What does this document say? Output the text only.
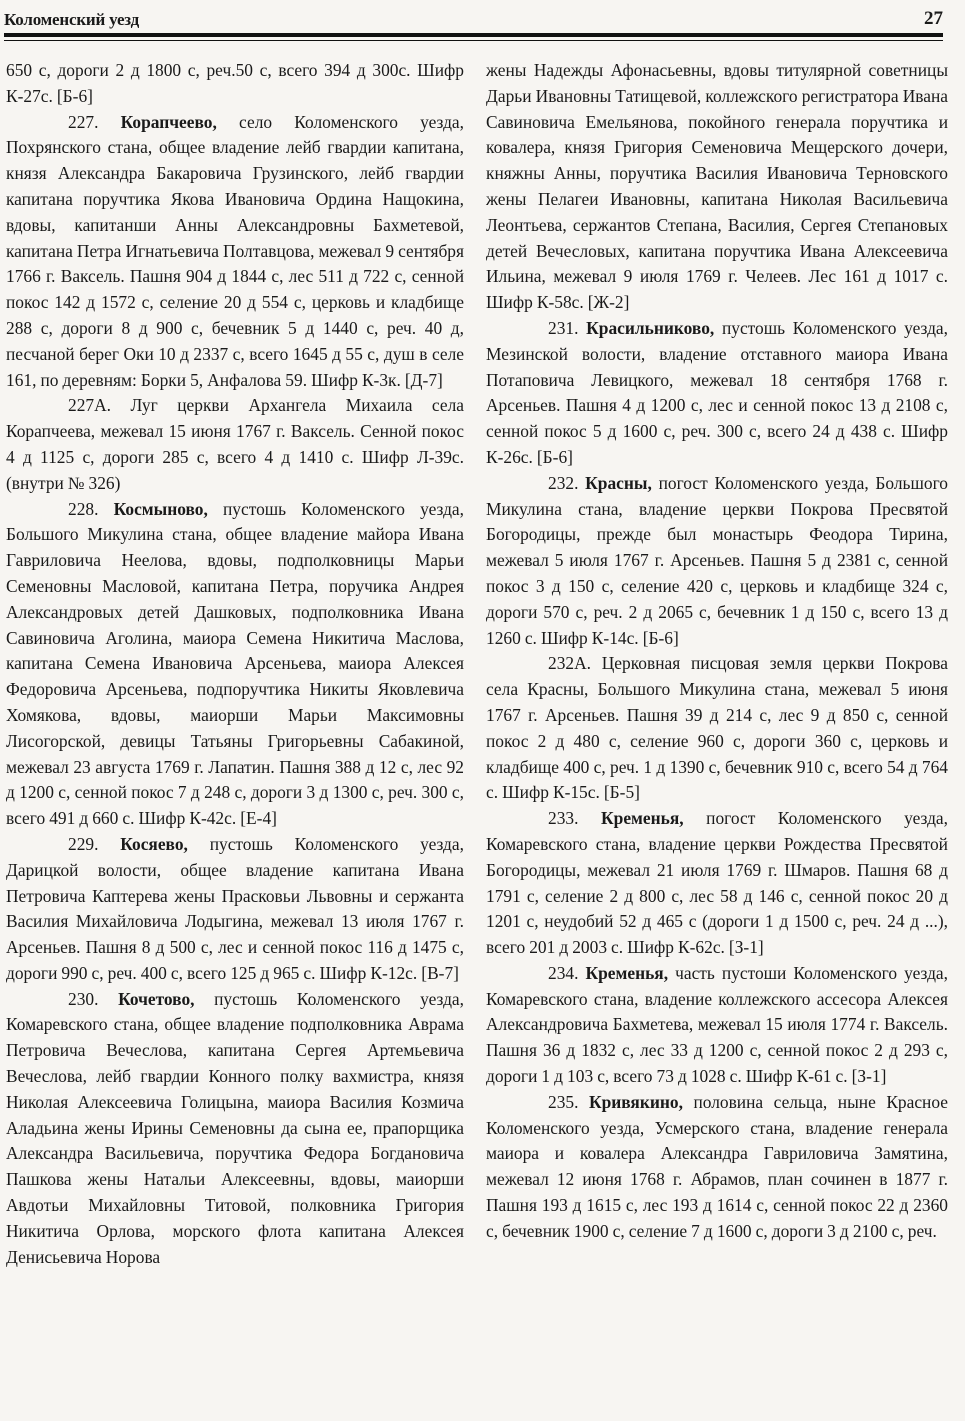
Коломенский уезд	27

650 с, дороги 2 д 1800 с, реч.50 с, всего 394 д 300с. Шифр К-27с. [Б-6]

227. Корапчеево, село Коломенского уезда, Похрянского стана, общее владение лейб гвардии капитана, князя Александра Бакаровича Грузинского, лейб гвардии капитана поручтика Якова Ивановича Ордина Нащокина, вдовы, капитанши Анны Александровны Бахметевой, капитана Петра Игнатьевича Полтавцова, межевал 9 сентября 1766 г. Ваксель. Пашня 904 д 1844 с, лес 511 д 722 с, сенной покос 142 д 1572 с, селение 20 д 554 с, церковь и кладбище 288 с, дороги 8 д 900 с, бечевник 5 д 1440 с, реч. 40 д, песчаной берег Оки 10 д 2337 с, всего 1645 д 55 с, душ в селе 161, по деревням: Борки 5, Анфалова 59. Шифр К-3к. [Д-7]

227А. Луг церкви Архангела Михаила села Корапчеева, межевал 15 июня 1767 г. Ваксель. Сенной покос 4 д 1125 с, дороги 285 с, всего 4 д 1410 с. Шифр Л-39с. (внутри № 326)

228. Космыново, пустошь Коломенского уезда, Большого Микулина стана, общее владение майора Ивана Гавриловича Неелова, вдовы, подполковницы Марьи Семеновны Масловой, капитана Петра, поручика Андрея Александровых детей Дашковых, подполковника Ивана Савиновича Аголина, маиора Семена Никитича Маслова, капитана Семена Ивановича Арсеньева, маиора Алексея Федоровича Арсеньева, подпоручтика Никиты Яковлевича Хомякова, вдовы, маиорши Марьи Максимовны Лисогорской, девицы Татьяны Григорьевны Сабакиной, межевал 23 августа 1769 г. Лапатин. Пашня 388 д 12 с, лес 92 д 1200 с, сенной покос 7 д 248 с, дороги 3 д 1300 с, реч. 300 с, всего 491 д 660 с. Шифр К-42с. [Е-4]

229. Косяево, пустошь Коломенского уезда, Дарицкой волости, общее владение капитана Ивана Петровича Каптерева жены Прасковьи Львовны и сержанта Василия Михайловича Лодыгина, межевал 13 июля 1767 г. Арсеньев. Пашня 8 д 500 с, лес и сенной покос 116 д 1475 с, дороги 990 с, реч. 400 с, всего 125 д 965 с. Шифр К-12с. [В-7]

230. Кочетово, пустошь Коломенского уезда, Комаревского стана, общее владение подполковника Аврама Петровича Вечеслова, капитана Сергея Артемьевича Вечеслова, лейб гвардии Конного полку вахмистра, князя Николая Алексеевича Голицына, маиора Василия Козмича Аладьина жены Ирины Семеновны да сына ее, прапорщика Александра Васильевича, поручтика Федора Богдановича Пашкова жены Натальи Алексеевны, вдовы, маиорши Авдотьи Михайловны Титовой, полковника Григория Никитича Орлова, морского флота капитана Алексея Денисьевича Норова

жены Надежды Афонасьевны, вдовы титулярной советницы Дарьи Ивановны Татищевой, коллежского регистратора Ивана Савиновича Емельянова, покойного генерала поручтика и ковалера, князя Григория Семеновича Мещерского дочери, княжны Анны, поручтика Василия Ивановича Терновского жены Пелагеи Ивановны, капитана Николая Васильевича Леонтьева, сержантов Степана, Василия, Сергея Степановых детей Вечесловых, капитана поручтика Ивана Алексеевича Ильина, межевал 9 июля 1769 г. Челеев. Лес 161 д 1017 с. Шифр К-58с. [Ж-2]

231. Красильниково, пустошь Коломенского уезда, Мезинской волости, владение отставного маиора Ивана Потаповича Левицкого, межевал 18 сентября 1768 г. Арсеньев. Пашня 4 д 1200 с, лес и сенной покос 13 д 2108 с, сенной покос 5 д 1600 с, реч. 300 с, всего 24 д 438 с. Шифр К-26с. [Б-6]

232. Красны, погост Коломенского уезда, Большого Микулина стана, владение церкви Покрова Пресвятой Богородицы, прежде был монастырь Феодора Тирина, межевал 5 июля 1767 г. Арсеньев. Пашня 5 д 2381 с, сенной покос 3 д 150 с, селение 420 с, церковь и кладбище 324 с, дороги 570 с, реч. 2 д 2065 с, бечевник 1 д 150 с, всего 13 д 1260 с. Шифр К-14с. [Б-6]

232А. Церковная писцовая земля церкви Покрова села Красны, Большого Микулина стана, межевал 5 июня 1767 г. Арсеньев. Пашня 39 д 214 с, лес 9 д 850 с, сенной покос 2 д 480 с, селение 960 с, дороги 360 с, церковь и кладбище 400 с, реч. 1 д 1390 с, бечевник 910 с, всего 54 д 764 с. Шифр К-15с. [Б-5]

233. Кременья, погост Коломенского уезда, Комаревского стана, владение церкви Рождества Пресвятой Богородицы, межевал 21 июля 1769 г. Шмаров. Пашня 68 д 1791 с, селение 2 д 800 с, лес 58 д 146 с, сенной покос 20 д 1201 с, неудобий 52 д 465 с (дороги 1 д 1500 с, реч. 24 д ...), всего 201 д 2003 с. Шифр К-62с. [З-1]

234. Кременья, часть пустоши Коломенского уезда, Комаревского стана, владение коллежского ассесора Алексея Александровича Бахметева, межевал 15 июля 1774 г. Ваксель. Пашня 36 д 1832 с, лес 33 д 1200 с, сенной покос 2 д 293 с, дороги 1 д 103 с, всего 73 д 1028 с. Шифр К-61 с. [З-1]

235. Кривякино, половина сельца, ныне Красное Коломенского уезда, Усмерского стана, владение генерала маиора и ковалера Александра Гавриловича Замятина, межевал 12 июня 1768 г. Абрамов, план сочинен в 1877 г. Пашня 193 д 1615 с, лес 193 д 1614 с, сенной покос 22 д 2360 с, бечевник 1900 с, селение 7 д 1600 с, дороги 3 д 2100 с, реч.
